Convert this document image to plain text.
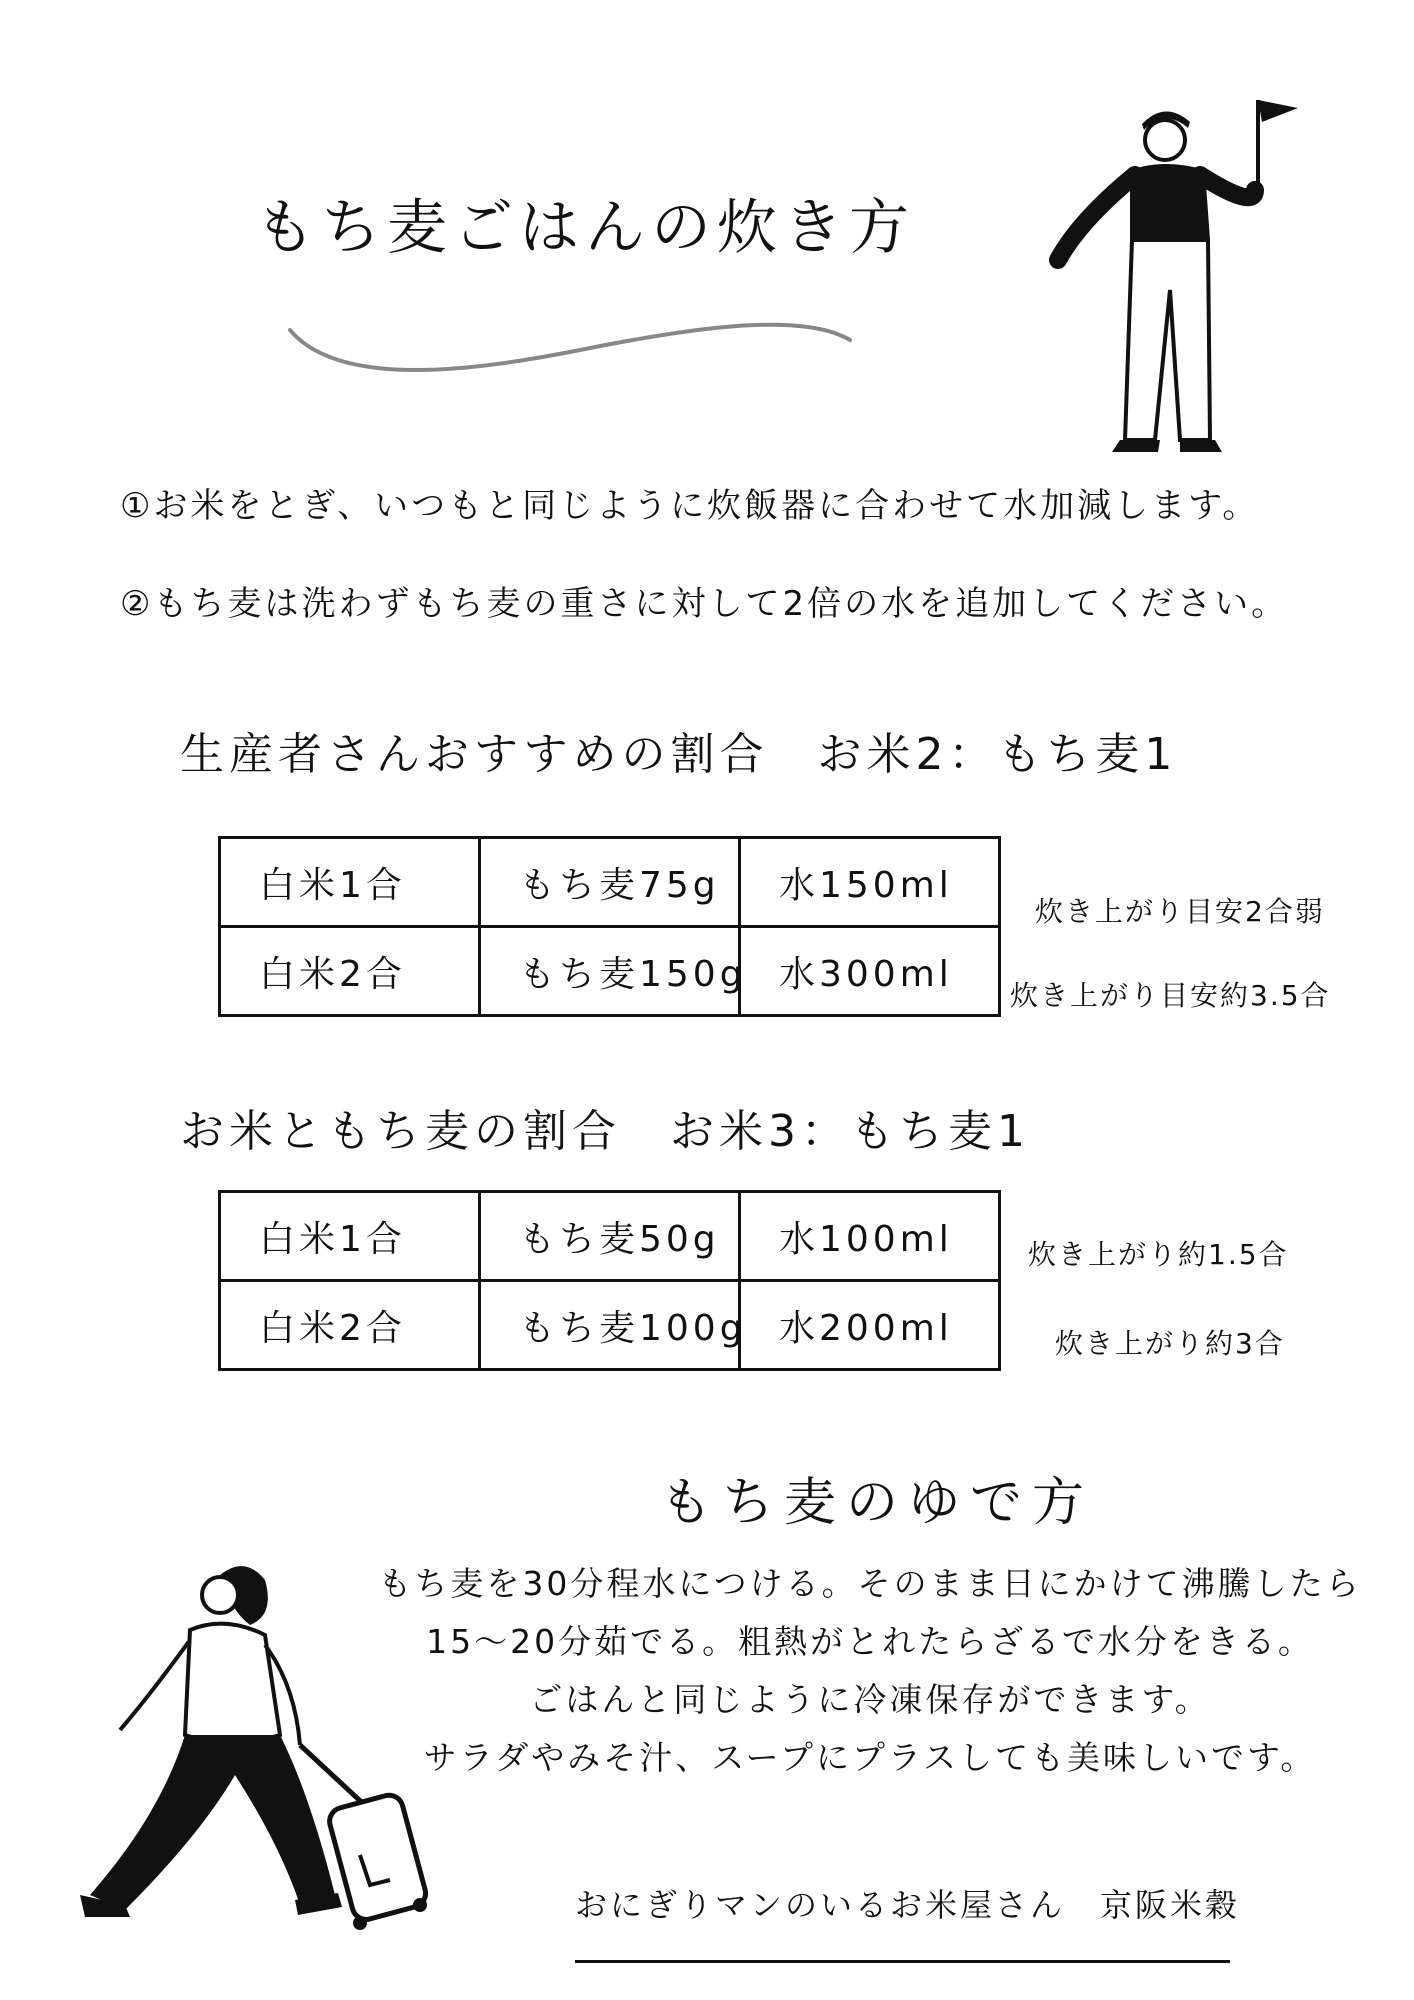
もち麦ごはんの炊き方
①お米をとぎ、いつもと同じように炊飯器に合わせて水加減します。
②もち麦は洗わずもち麦の重さに対して2倍の水を追加してください。
生産者さんおすすめの割合　お米2：もち麦1
白米1合	もち麦75g	水150ml
白米2合	もち麦150g	水300ml
炊き上がり目安2合弱
炊き上がり目安約3.5合
お米ともち麦の割合　お米3：もち麦1
白米1合	もち麦50g	水100ml
白米2合	もち麦100g	水200ml
炊き上がり約1.5合
炊き上がり約3合
もち麦のゆで方
もち麦を30分程水につける。そのまま日にかけて沸騰したら
15〜20分茹でる。粗熱がとれたらざるで水分をきる。
ごはんと同じように冷凍保存ができます。
サラダやみそ汁、スープにプラスしても美味しいです。
おにぎりマンのいるお米屋さん　京阪米穀
